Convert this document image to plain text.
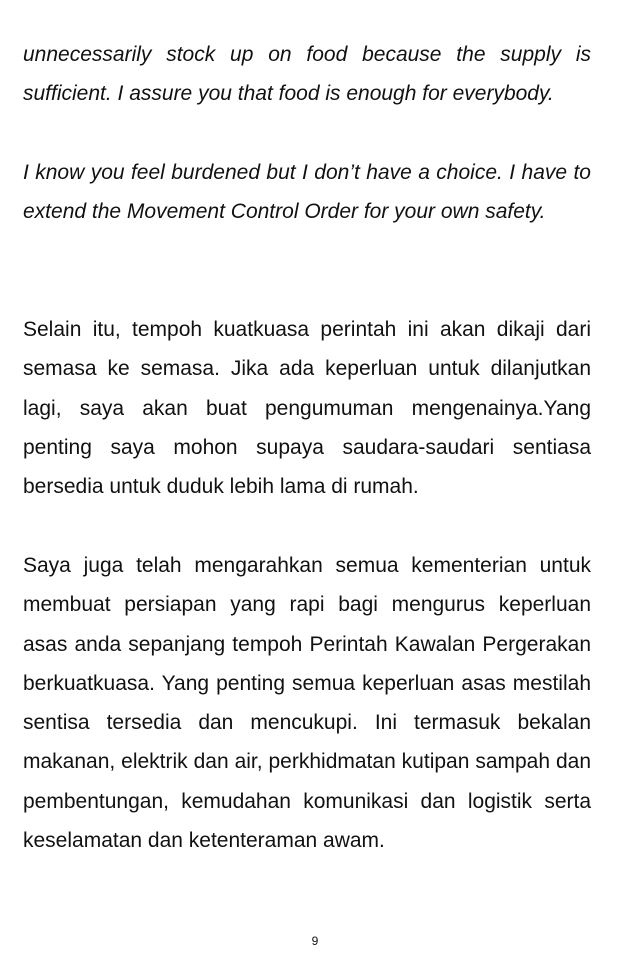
unnecessarily stock up on food because the supply is sufficient. I assure you that food is enough for everybody.

I know you feel burdened but I don’t have a choice. I have to extend the Movement Control Order for your own safety.

Selain itu, tempoh kuatkuasa perintah ini akan dikaji dari semasa ke semasa. Jika ada keperluan untuk dilanjutkan lagi, saya akan buat pengumuman mengenainya.Yang penting saya mohon supaya saudara-saudari sentiasa bersedia untuk duduk lebih lama di rumah.

Saya juga telah mengarahkan semua kementerian untuk membuat persiapan yang rapi bagi mengurus keperluan asas anda sepanjang tempoh Perintah Kawalan Pergerakan berkuatkuasa. Yang penting semua keperluan asas mestilah sentisa tersedia dan mencukupi. Ini termasuk bekalan makanan, elektrik dan air, perkhidmatan kutipan sampah dan pembentungan, kemudahan komunikasi dan logistik serta keselamatan dan ketenteraman awam.

9
